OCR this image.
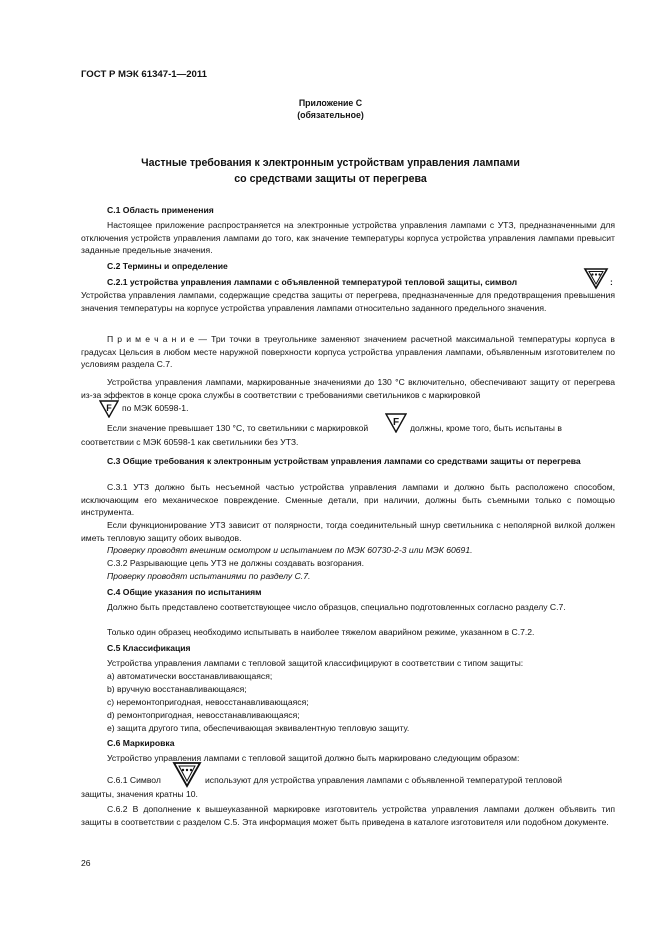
ГОСТ Р МЭК 61347-1—2011
Приложение С
(обязательное)
Частные требования к электронным устройствам управления лампами
со средствами защиты от перегрева
С.1 Область применения
Настоящее приложение распространяется на электронные устройства управления лампами с УТЗ, предназначенными для отключения устройств управления лампами до того, как значение температуры корпуса устройства управления лампами превысит заданные предельные значения.
С.2 Термины и определение
С.2.1 устройства управления лампами с объявленной температурой тепловой защиты, символ	:
Устройства управления лампами, содержащие средства защиты от перегрева, предназначенные для предотвращения превышения значения температуры на корпусе устройства управления лампами относительно заданного предельного значения.
П р и м е ч а н и е — Три точки в треугольнике заменяют значением расчетной максимальной температуры корпуса в градусах Цельсия в любом месте наружной поверхности корпуса устройства управления лампами, объявленным изготовителем по условиям раздела С.7.
Устройства управления лампами, маркированные значениями до 130 °С включительно, обеспечивают защиту от перегрева из-за эффектов в конце срока службы в соответствии с требованиями светильников с маркировкой
F по МЭК 60598-1.
Если значение превышает 130 °С, то светильники с маркировкой F должны, кроме того, быть испытаны в
соответствии с МЭК 60598-1 как светильники без УТЗ.
С.3 Общие требования к электронным устройствам управления лампами со средствами защиты от перегрева
С.3.1 УТЗ должно быть несъемной частью устройства управления лампами и должно быть расположено способом, исключающим его механическое повреждение. Сменные детали, при наличии, должны быть съемными только с помощью инструмента.
Если функционирование УТЗ зависит от полярности, тогда соединительный шнур светильника с неполярной вилкой должен иметь тепловую защиту обоих выводов.
Проверку проводят внешним осмотром и испытанием по МЭК 60730-2-3 или МЭК 60691.
С.3.2 Разрывающие цепь УТЗ не должны создавать возгорания.
Проверку проводят испытаниями по разделу С.7.
С.4 Общие указания по испытаниям
Должно быть представлено соответствующее число образцов, специально подготовленных согласно разделу С.7.
Только один образец необходимо испытывать в наиболее тяжелом аварийном режиме, указанном в С.7.2.
С.5 Классификация
Устройства управления лампами с тепловой защитой классифицируют в соответствии с типом защиты:
а) автоматически восстанавливающаяся;
b) вручную восстанавливающаяся;
с) неремонтопригодная, невосстанавливающаяся;
d) ремонтопригодная, невосстанавливающаяся;
е) защита другого типа, обеспечивающая эквивалентную тепловую защиту.
С.6 Маркировка
Устройство управления лампами с тепловой защитой должно быть маркировано следующим образом:
С.6.1 Символ	используют для устройства управления лампами с объявленной температурой тепловой
защиты, значения кратны 10.
С.6.2 В дополнение к вышеуказанной маркировке изготовитель устройства управления лампами должен объявить тип защиты в соответствии с разделом С.5. Эта информация может быть приведена в каталоге изготовителя или подобном документе.
26
